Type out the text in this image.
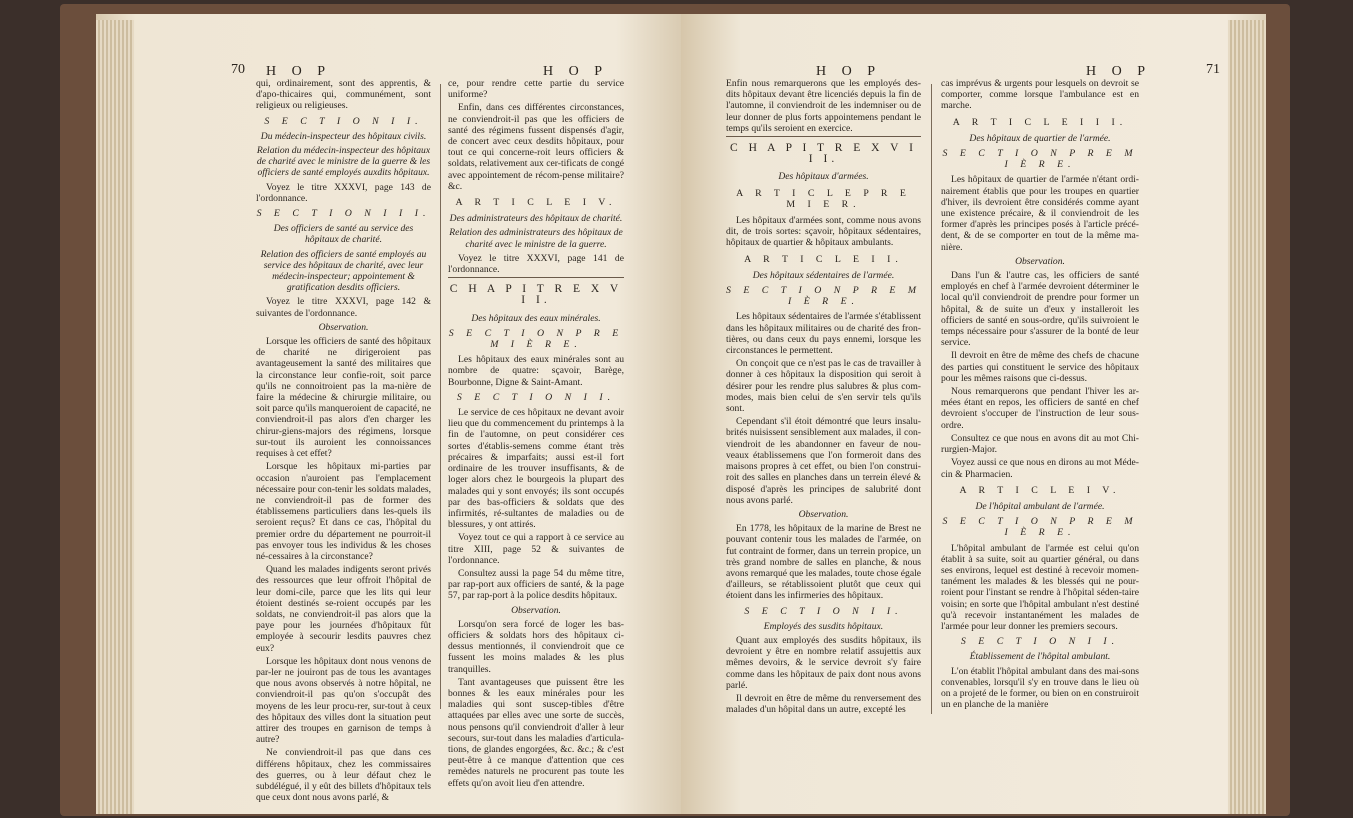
70 H O P	H O P

qui, ordinairement, sont des apprentis, & d'apo-thicaires qui, communément, sont religieux ou religieuses.

S E C T I O N I I.
Du médecin-inspecteur des hôpitaux civils.
Relation du médecin-inspecteur des hôpitaux de charité avec le ministre de la guerre & les officiers de santé employés auxdits hôpitaux.

Voyez le titre XXXVI, page 143 de l'ordonnance.

S E C T I O N I I I.
Des officiers de santé au service des hôpitaux de charité.
Relation des officiers de santé employés au service des hôpitaux de charité, avec leur médecin-inspecteur; appointement & gratification desdits officiers.

Voyez le titre XXXVI, page 142 & suivantes de l'ordonnance.

Observation.

Lorsque les officiers de santé des hôpitaux de charité ne dirigeroient pas avantageusement la santé des militaires que la circonstance leur confie-roit, soit parce qu'ils ne connoitroient pas la ma-nière de faire la médecine & chirurgie militaire, ou soit parce qu'ils manqueroient de capacité, ne conviendroit-il pas alors d'en charger les chirur-giens-majors des régimens, lorsque sur-tout ils auroient les connoissances requises à cet effet?

Lorsque les hôpitaux mi-parties par occasion n'auroient pas l'emplacement nécessaire pour con-tenir les soldats malades, ne conviendroit-il pas de former des établissemens particuliers dans les-quels ils seroient reçus? Et dans ce cas, l'hôpital du premier ordre du département ne pourroit-il pas envoyer tous les individus & les choses né-cessaires à la circonstance?

Quand les malades indigents seront privés des ressources que leur offroit l'hôpital de leur domi-cile, parce que les lits qui leur étoient destinés se-roient occupés par les soldats, ne conviendroit-il pas alors que la paye pour les journées d'hôpitaux fût employée à secourir lesdits pauvres chez eux?

Lorsque les hôpitaux dont nous venons de par-ler ne jouiront pas de tous les avantages que nous avons observés à notre hôpital, ne conviendroit-il pas qu'on s'occupât des moyens de les leur procu-rer, sur-tout à ceux des hôpitaux des villes dont la situation peut attirer des troupes en garnison de temps à autre?

Ne conviendroit-il pas que dans ces différens hôpitaux, chez les commissaires des guerres, ou à leur défaut chez le subdélégué, il y eût des billets d'hôpitaux tels que ceux dont nous avons parlé, &

ce, pour rendre cette partie du service uniforme?

Enfin, dans ces différentes circonstances, ne conviendroit-il pas que les officiers de santé des régimens fussent dispensés d'agir, de concert avec ceux desdits hôpitaux, pour tout ce qui concerne-roit leurs officiers & soldats, relativement aux cer-tificats de congé avec appointement de récom-pense militaire? &c.

A R T I C L E I V.
Des administrateurs des hôpitaux de charité.
Relation des administrateurs des hôpitaux de charité avec le ministre de la guerre.

Voyez le titre XXXVI, page 141 de l'ordonnance.

C H A P I T R E X V I I.
Des hôpitaux des eaux minérales.
S E C T I O N P R E M I È R E.

Les hôpitaux des eaux minérales sont au nombre de quatre: sçavoir, Barège, Bourbonne, Digne & Saint-Amant.

S E C T I O N I I.

Le service de ces hôpitaux ne devant avoir lieu que du commencement du printemps à la fin de l'automne, on peut considérer ces sortes d'établis-semens comme étant très précaires & imparfaits; aussi est-il fort ordinaire de les trouver insuffisants, & de loger alors chez le bourgeois la plupart des malades qui y sont envoyés; ils sont occupés par des bas-officiers & soldats que des infirmités, ré-sultantes de maladies ou de blessures, y ont attirés.

Voyez tout ce qui a rapport à ce service au titre XIII, page 52 & suivantes de l'ordonnance.

Consultez aussi la page 54 du même titre, par rap-port aux officiers de santé, & la page 57, par rap-port à la police desdits hôpitaux.

Observation.

Lorsqu'on sera forcé de loger les bas-officiers & soldats hors des hôpitaux ci-dessus mentionnés, il conviendroit que ce fussent les moins malades & les plus tranquilles.

Tant avantageuses que puissent être les bonnes & les eaux minérales pour les maladies qui sont suscep-tibles d'être attaquées par elles avec une sorte de succès, nous pensons qu'il conviendroit d'aller à leur secours, sur-tout dans les maladies d'articula-tions, de glandes engorgées, &c. &c.; & c'est peut-être à ce manque d'attention que ces remèdes naturels ne procurent pas toute les effets qu'on avoit lieu d'en attendre.

H O P	H O P	71

Enfin nous remarquerons que les employés des-dits hôpitaux devant être licenciés depuis la fin de l'automne, il conviendroit de les indemniser ou de leur donner de plus forts appointemens pendant le temps qu'ils seroient en exercice.

C H A P I T R E X V I I I.
Des hôpitaux d'armées.
A R T I C L E P R E M I E R.

Les hôpitaux d'armées sont, comme nous avons dit, de trois sortes: sçavoir, hôpitaux sédentaires, hôpitaux de quartier & hôpitaux ambulants.

A R T I C L E I I.
Des hôpitaux sédentaires de l'armée.
S E C T I O N P R E M I È R E.

Les hôpitaux sédentaires de l'armée s'établissent dans les hôpitaux militaires ou de charité des fron-tières, ou dans ceux du pays ennemi, lorsque les circonstances le permettent.

On conçoit que ce n'est pas le cas de travailler à donner à ces hôpitaux la disposition qui seroit à désirer pour les rendre plus salubres & plus com-modes, mais bien celui de s'en servir tels qu'ils sont.

Cependant s'il étoit démontré que leurs insalu-brités nuisissent sensiblement aux malades, il con-viendroit de les abandonner en faveur de nou-veaux établissemens que l'on formeroit dans des maisons propres à cet effet, ou bien l'on construi-roit des salles en planches dans un terrein élevé & disposé d'après les principes de salubrité dont nous avons parlé.

Observation.

En 1778, les hôpitaux de la marine de Brest ne pouvant contenir tous les malades de l'armée, on fut contraint de former, dans un terrein propice, un très grand nombre de salles en planche, & nous avons remarqué que les malades, toute chose égale d'ailleurs, se rétablissoient plutôt que ceux qui étoient dans les infirmeries des hôpitaux.

S E C T I O N I I.
Employés des susdits hôpitaux.

Quant aux employés des susdits hôpitaux, ils devroient y être en nombre relatif assujettis aux mêmes devoirs, & le service devroit s'y faire comme dans les hôpitaux de paix dont nous avons parlé.

Il devroit en être de même du renversement des malades d'un hôpital dans un autre, excepté les

cas imprévus & urgents pour lesquels on devroit se comporter, comme lorsque l'ambulance est en marche.

A R T I C L E I I I.
Des hôpitaux de quartier de l'armée.
S E C T I O N P R E M I È R E.

Les hôpitaux de quartier de l'armée n'étant ordi-nairement établis que pour les troupes en quartier d'hiver, ils devroient être considérés comme ayant une existence précaire, & il conviendroit de les former d'après les principes posés à l'article précé-dent, & de se comporter en tout de la même ma-nière.

Observation.

Dans l'un & l'autre cas, les officiers de santé employés en chef à l'armée devroient déterminer le local qu'il conviendroit de prendre pour former un hôpital, & de suite un d'eux y installeroit les officiers de santé en sous-ordre, qu'ils suivroient le temps nécessaire pour s'assurer de la bonté de leur service.

Il devroit en être de même des chefs de chacune des parties qui constituent le service des hôpitaux pour les mêmes raisons que ci-dessus.

Nous remarquerons que pendant l'hiver les ar-mées étant en repos, les officiers de santé en chef devroient s'occuper de l'instruction de leur sous-ordre.

Consultez ce que nous en avons dit au mot Chi-rurgien-Major.

Voyez aussi ce que nous en dirons au mot Méde-cin & Pharmacien.

A R T I C L E I V.
De l'hôpital ambulant de l'armée.
S E C T I O N P R E M I È R E.

L'hôpital ambulant de l'armée est celui qu'on établit à sa suite, soit au quartier général, ou dans ses environs, lequel est destiné à recevoir momen-tanément les malades & les blessés qui ne pour-roient pour l'instant se rendre à l'hôpital séden-taire voisin; en sorte que l'hôpital ambulant n'est destiné qu'à recevoir instantanément les malades de l'armée pour leur donner les premiers secours.

S E C T I O N I I.
Établissement de l'hôpital ambulant.

L'on établit l'hôpital ambulant dans des mai-sons convenables, lorsqu'il s'y en trouve dans le lieu où on a projeté de le former, ou bien on en construiroit un en planche de la manière
